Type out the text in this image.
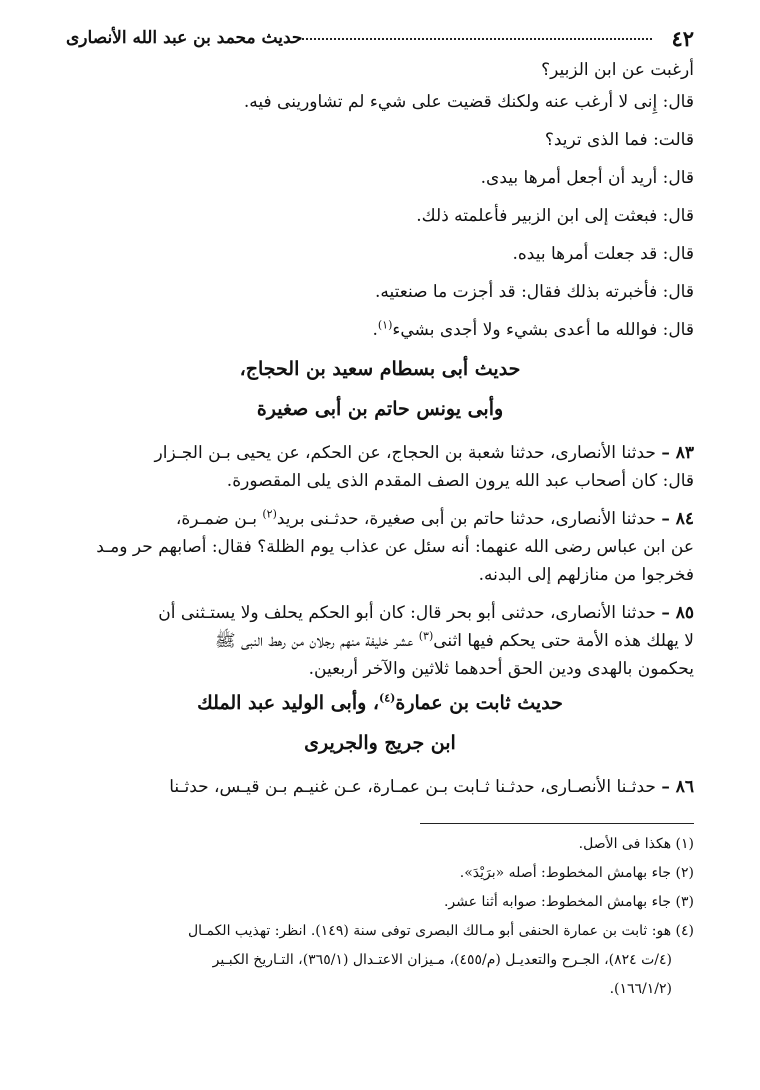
٤٢
حديث محمد بن عبد الله الأنصارى
أرغبت عن ابن الزبير؟
قال: إِنى لا أرغب عنه ولكنك قضيت على شيء لم تشاورينى فيه.
قالت: فما الذى تريد؟
قال: أريد أن أجعل أمرها بيدى.
قال: فبعثت إلى ابن الزبير فأعلمته ذلك.
قال: قد جعلت أمرها بيده.
قال: فأخبرته بذلك فقال: قد أجزت ما صنعتيه.
قال: فوالله ما أعدى بشيء ولا أجدى بشيء$^{(١)}$.
حديث أبى بسطام سعيد بن الحجاج،
وأبى يونس حاتم بن أبى صغيرة
٨٣ – حدثنا الأنصارى، حدثنا شعبة بن الحجاج، عن الحكم، عن يحيى بـن الجـزار
قال: كان أصحاب عبد الله يرون الصف المقدم الذى يلى المقصورة.
٨٤ – حدثنا الأنصارى، حدثنا حاتم بن أبى صغيرة، حدثـنى بريد$^{(٢)}$ بـن ضمـرة،
عن ابن عباس رضى الله عنهما: أنه سئل عن عذاب يوم الظلة؟ فقال: أصابهم حر ومـد
فخرجوا من منازلهم إلى البدنه.
٨٥ – حدثنا الأنصارى، حدثنى أبو بحر قال: كان أبو الحكم يحلف ولا يستـثنى أن
لا يهلك هذه الأمة حتى يحكم فيها اثنى$^{(٣)}$ عشر خليفة منهم رجلان من رهط النبى ﷺ
يحكمون بالهدى ودين الحق أحدهما ثلاثين والآخر أربعين.
حديث ثابت بن عمارة$^{(٤)}$، وأبى الوليد عبد الملك
ابن جريج والجريرى
٨٦ – حدثـنا الأنصـارى، حدثـنا ثـابت بـن عمـارة، عـن غنيـم بـن قيـس، حدثـنا
(١) هكذا فى الأصل.
(٢) جاء بهامش المخطوط: أصله «برَيْدَ».
(٣) جاء بهامش المخطوط: صوابه أثنا عشر.
(٤) هو: ثابت بن عمارة الحنفى أبو مـالك البصرى توفى سنة (١٤٩). انظر: تهذيب الكمـال
(٤/ت ٨٢٤)، الجـرح والتعديـل (م/٤٥٥)، مـيزان الاعتـدال (٣٦٥/١)، التـاريخ الكبـير
(١٦٦/١/٢).
